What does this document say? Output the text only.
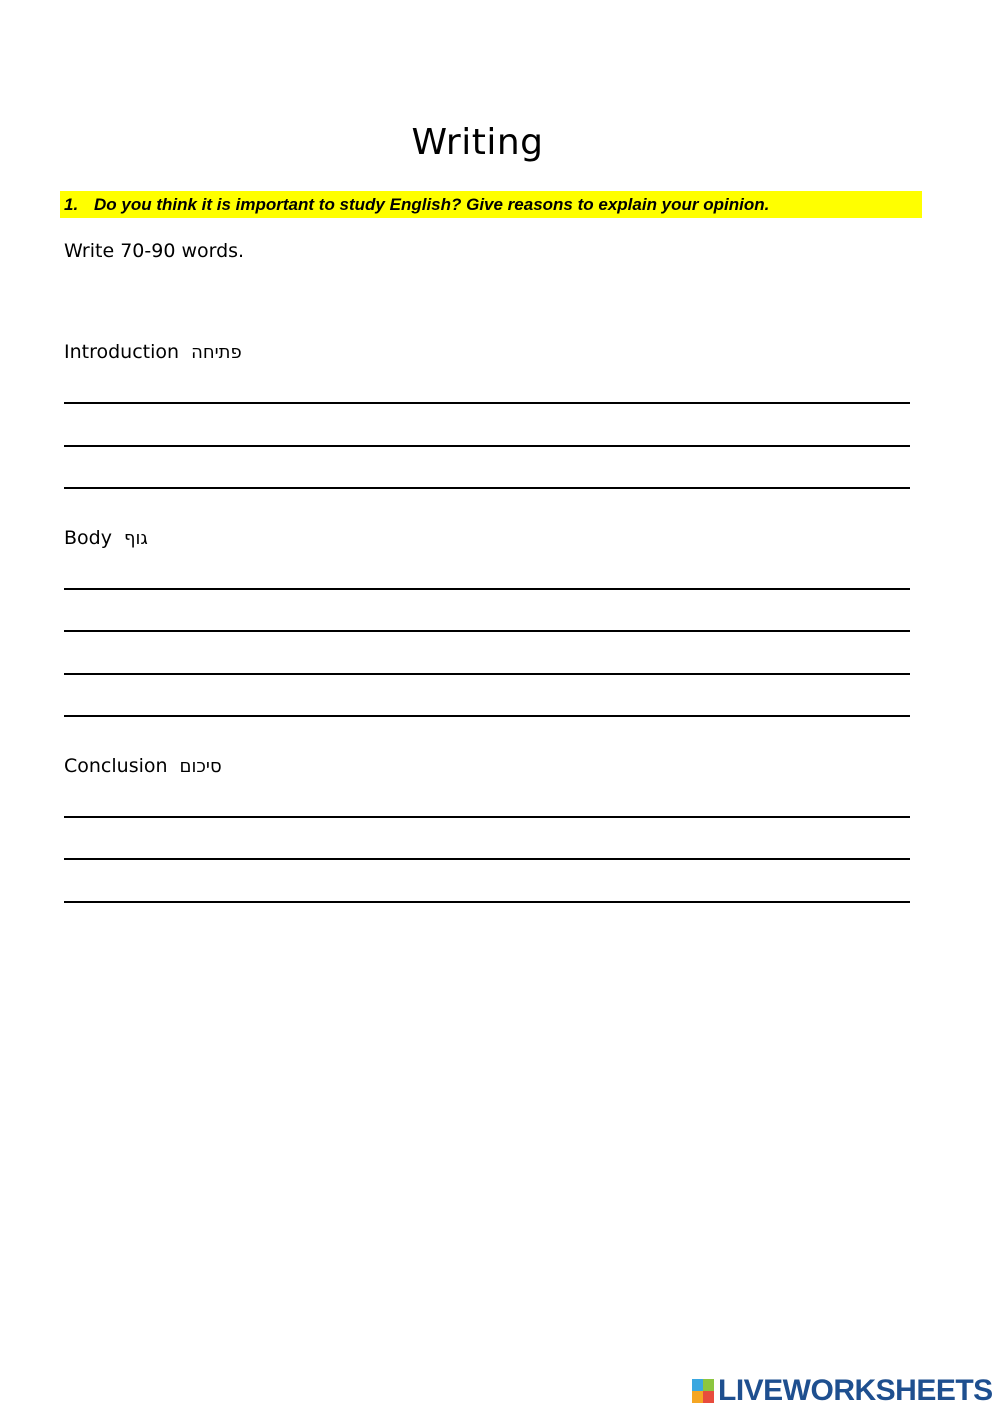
Writing
1. Do you think it is important to study English? Give reasons to explain your opinion.
Write 70-90 words.
Introduction פתיחה
Body גוף
Conclusion סיכום
LIVEWORKSHEETS
